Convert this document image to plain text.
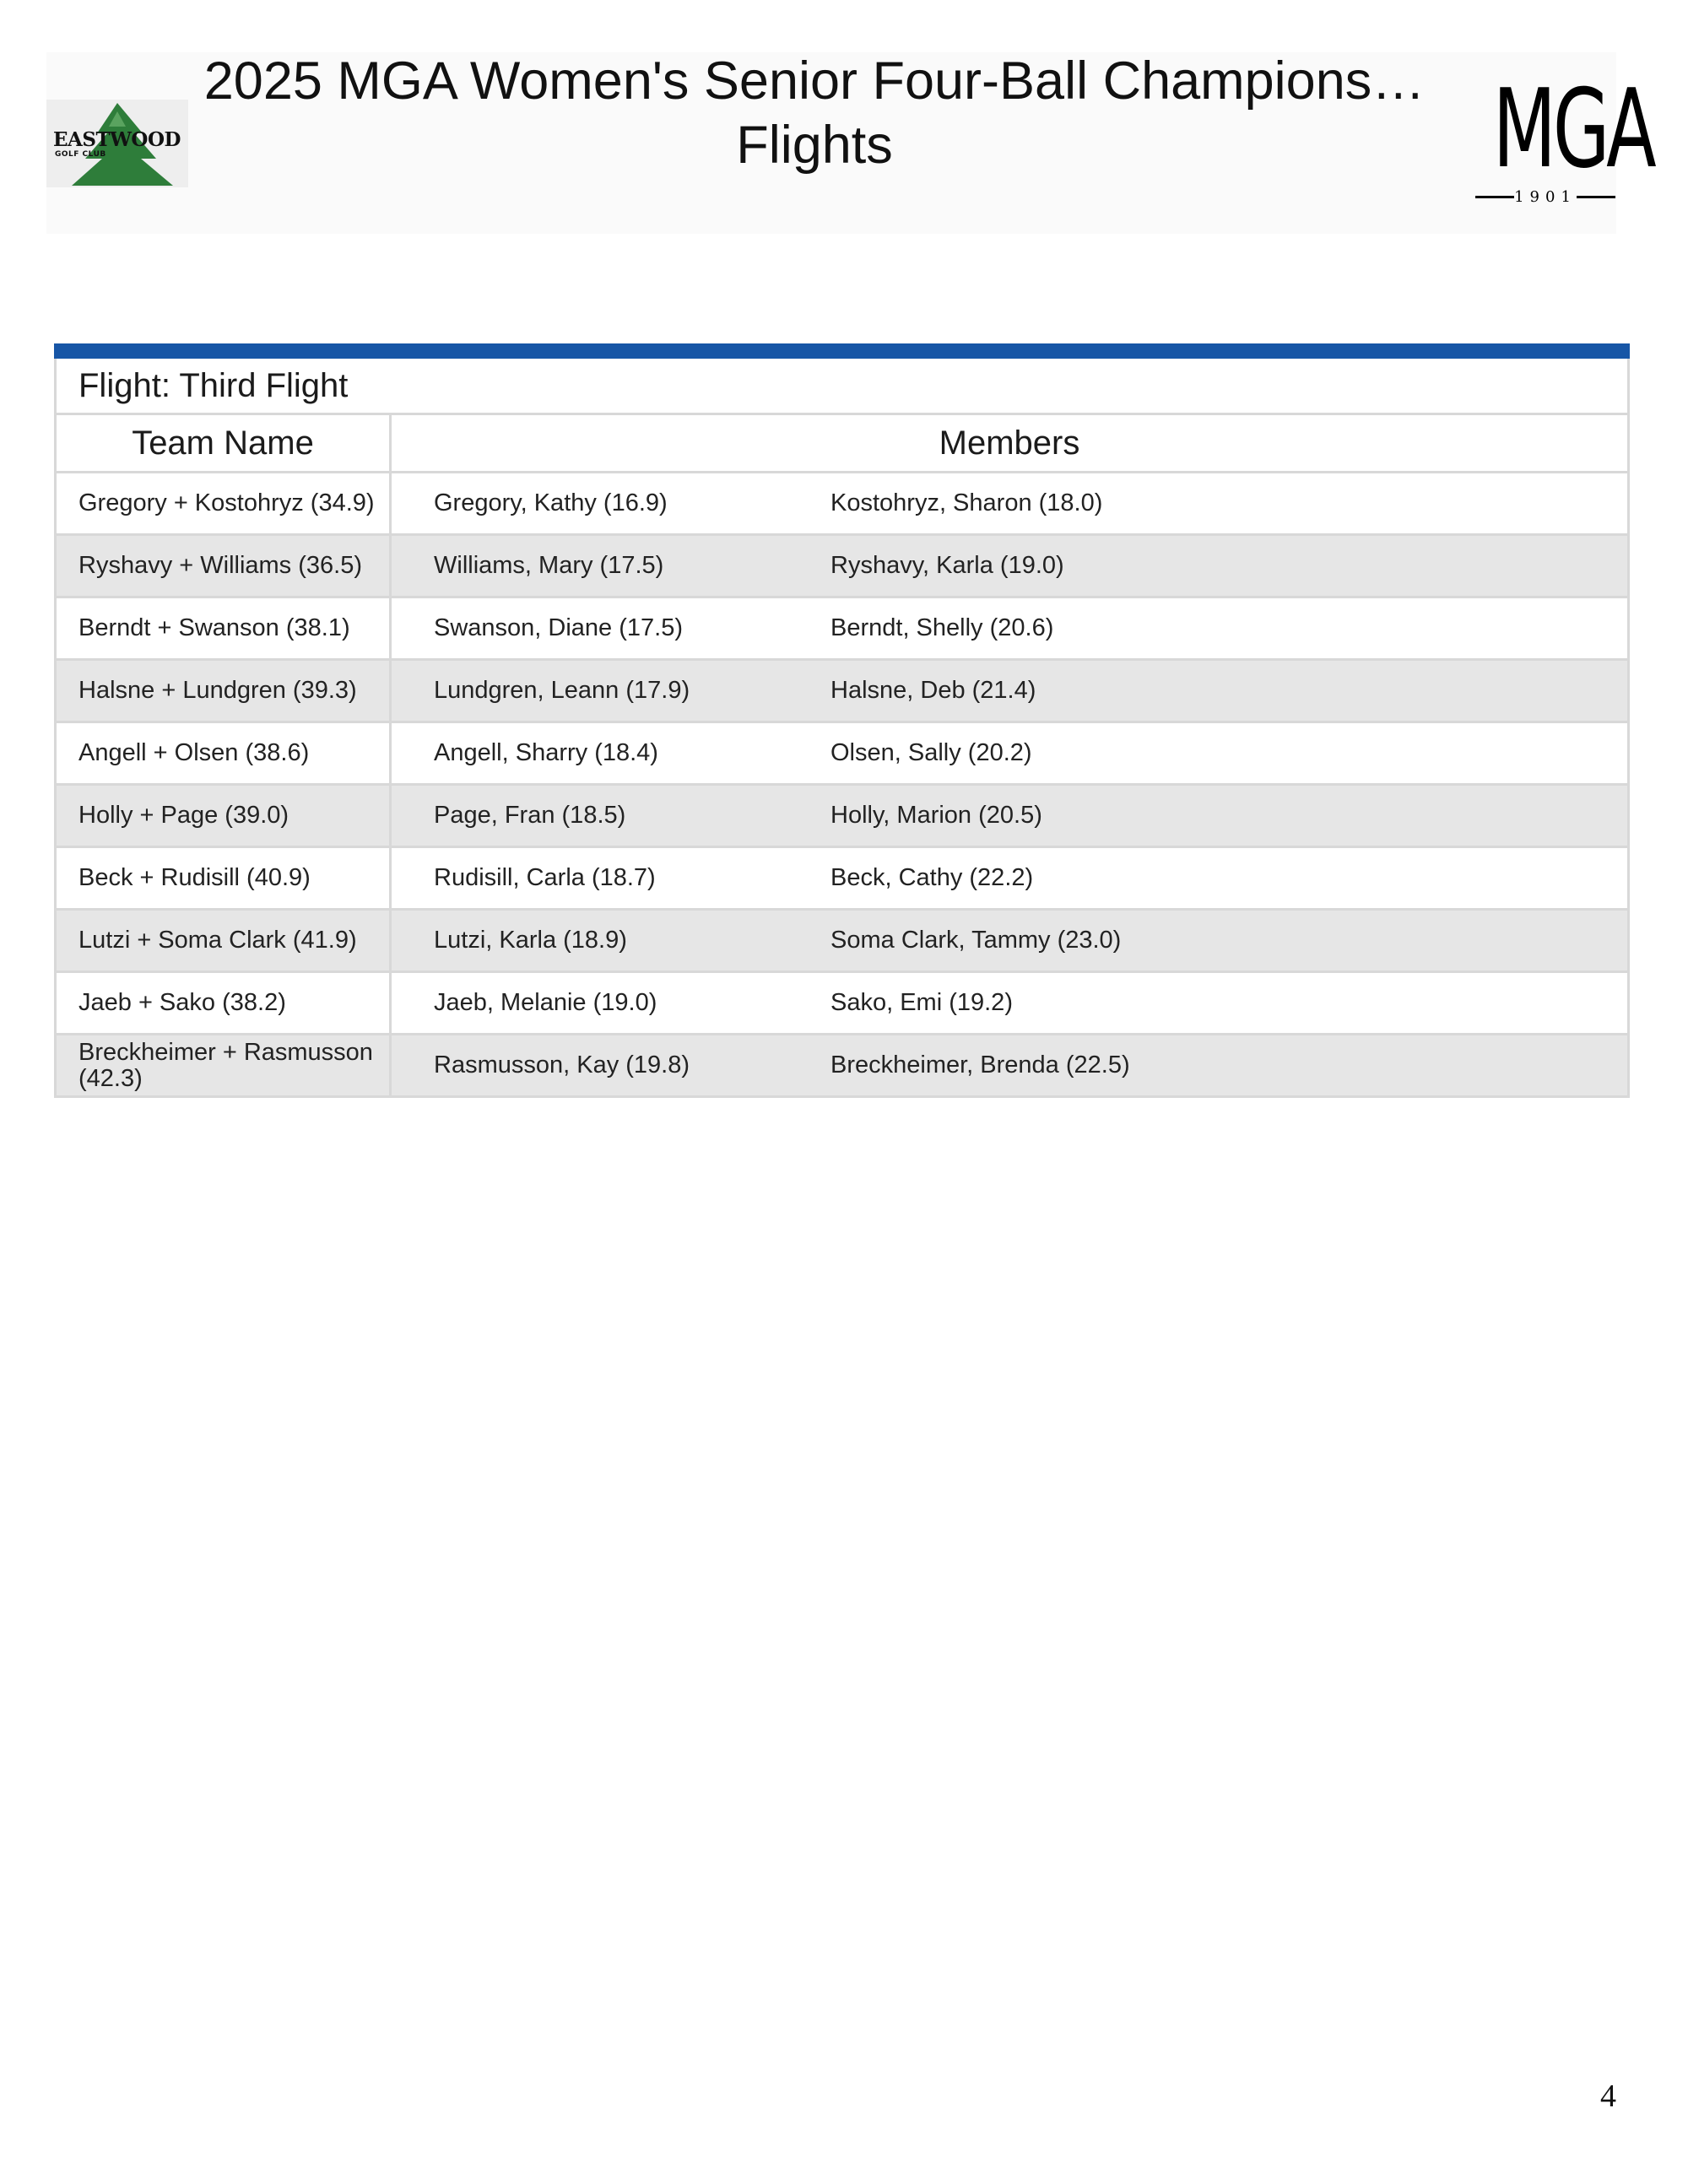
EASTWOOD
GOLF CLUB
2025 MGA Women's Senior Four-Ball Champions…
Flights	MGA
1901
Flight: Third Flight	
Team Name	Members
Gregory + Kostohryz (34.9)	Gregory, Kathy (16.9) Kostohryz, Sharon (18.0)

Ryshavy + Williams (36.5)	Williams, Mary (17.5) Ryshavy, Karla (19.0)

Berndt + Swanson (38.1)	Swanson, Diane (17.5) Berndt, Shelly (20.6)

Halsne + Lundgren (39.3)	Lundgren, Leann (17.9) Halsne, Deb (21.4)

Angell + Olsen (38.6)	Angell, Sharry (18.4) Olsen, Sally (20.2)

Holly + Page (39.0)	Page, Fran (18.5) Holly, Marion (20.5)

Beck + Rudisill (40.9)	Rudisill, Carla (18.7) Beck, Cathy (22.2)

Lutzi + Soma Clark (41.9)	Lutzi, Karla (18.9) Soma Clark, Tammy (23.0)

Jaeb + Sako (38.2)	Jaeb, Melanie (19.0) Sako, Emi (19.2)

Breckheimer + Rasmusson (42.3)	Rasmusson, Kay (19.8) Breckheimer, Brenda (22.5)
4
